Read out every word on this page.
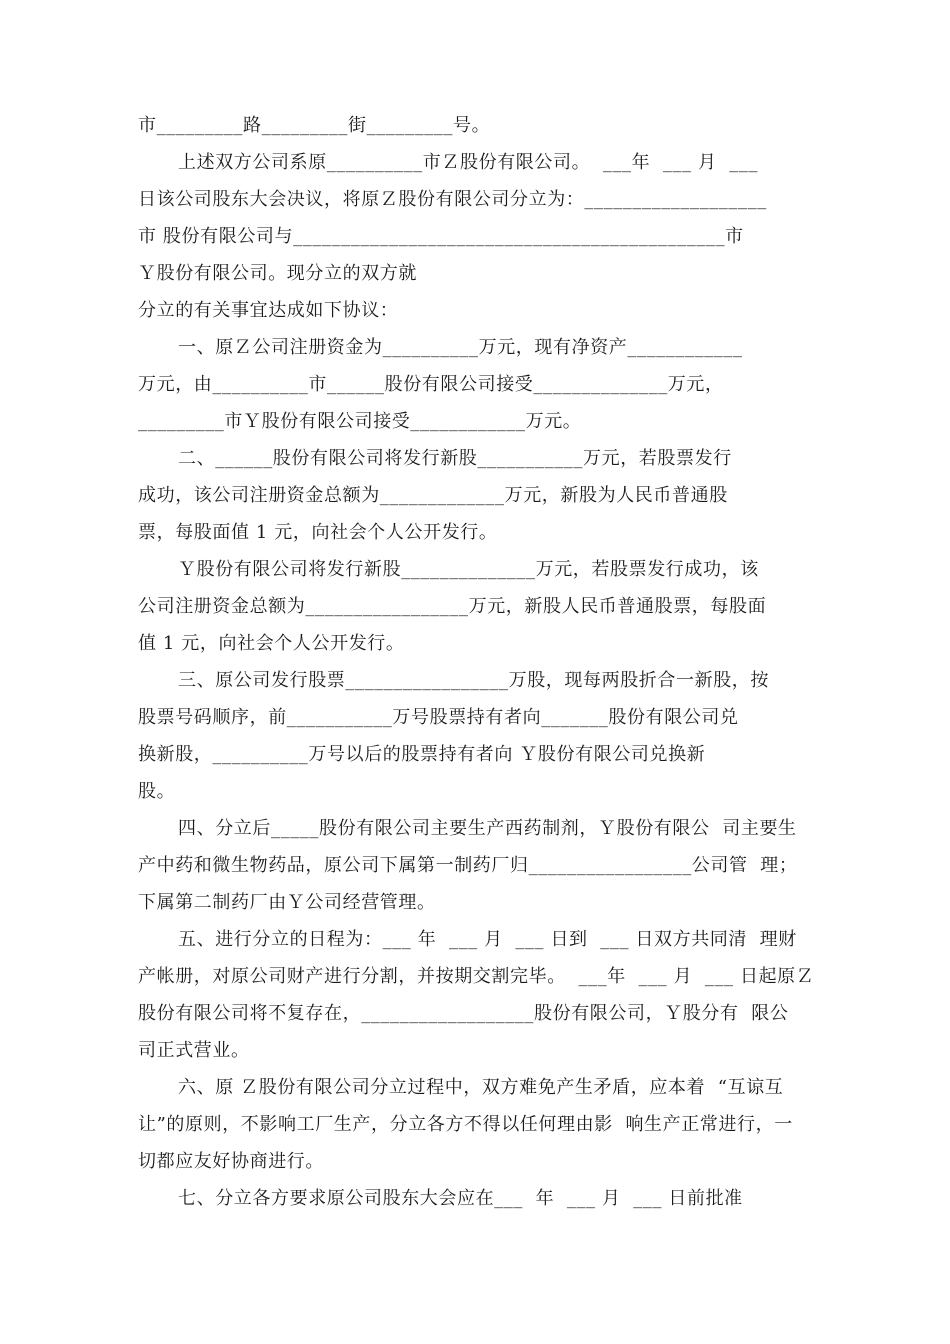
市_________路_________街_________号。
上述双方公司系原__________市Ｚ股份有限公司。  ___年  ___ 月  ___
日该公司股东大会决议，将原Ｚ股份有限公司分立为：___________________
市 股份有限公司与_____________________________________________市
Ｙ股份有限公司。现分立的双方就
分立的有关事宜达成如下协议：
一、原Ｚ公司注册资金为__________万元，现有净资产____________
万元，由__________市______股份有限公司接受______________万元，
_________市Ｙ股份有限公司接受____________万元。
二、______股份有限公司将发行新股___________万元，若股票发行
成功，该公司注册资金总额为_____________万元，新股为人民币普通股
票，每股面值 1 元，向社会个人公开发行。
Ｙ股份有限公司将发行新股______________万元，若股票发行成功，该
公司注册资金总额为_________________万元，新股人民币普通股票，每股面
值 1 元，向社会个人公开发行。
三、原公司发行股票_________________万股，现每两股折合一新股，按
股票号码顺序，前___________万号股票持有者向_______股份有限公司兑
换新股，__________万号以后的股票持有者向 Ｙ股份有限公司兑换新
股。
四、分立后_____股份有限公司主要生产西药制剂，Ｙ股份有限公  司主要生
产中药和微生物药品，原公司下属第一制药厂归_________________公司管  理；
下属第二制药厂由Ｙ公司经营管理。
五、进行分立的日程为：___ 年  ___ 月  ___ 日到  ___ 日双方共同清  理财
产帐册，对原公司财产进行分割，并按期交割完毕。  ___年  ___ 月  ___ 日起原Ｚ
股份有限公司将不复存在，__________________股份有限公司，Ｙ股分有  限公
司正式营业。
六、原 Ｚ股份有限公司分立过程中，双方难免产生矛盾，应本着  “互谅互
让”的原则，不影响工厂生产，分立各方不得以任何理由影  响生产正常进行，一
切都应友好协商进行。
七、分立各方要求原公司股东大会应在___  年  ___ 月  ___ 日前批准
